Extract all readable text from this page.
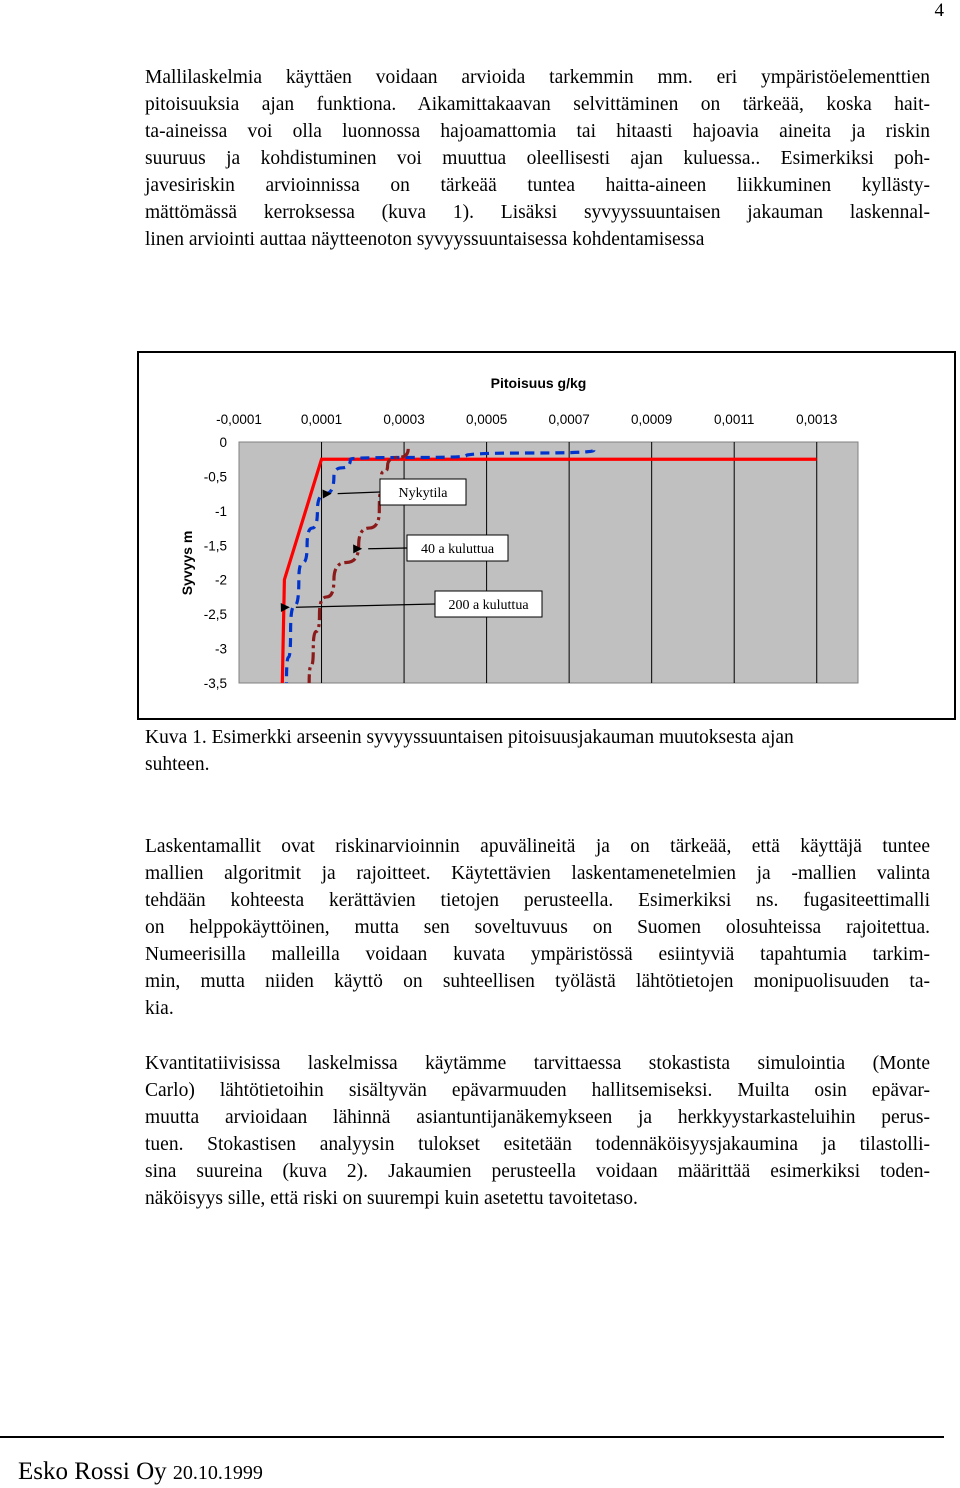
4

Mallilaskelmia käyttäen voidaan arvioida tarkemmin mm. eri ympäristöelementtien
pitoisuuksia ajan funktiona. Aikamittakaavan selvittäminen on tärkeää, koska hait-
ta-aineissa voi olla luonnossa hajoamattomia tai hitaasti hajoavia aineita ja riskin
suuruus ja kohdistuminen voi muuttua oleellisesti ajan kuluessa.. Esimerkiksi poh-
javesiriskin arvioinnissa on tärkeää tuntea haitta-aineen liikkuminen kyllästy-
mättömässä kerroksessa (kuva 1). Lisäksi syvyyssuuntaisen jakauman laskennal-
linen arviointi auttaa näytteenoton syvyyssuuntaisessa kohdentamisessa

Pitoisuus g/kg
-0,0001	0,0001	0,0003	0,0005	0,0007	0,0009	0,0011	0,0013
0
-0,5
-1
-1,5
-2
-2,5
-3
-3,5
Syvyys m
Nykytila
40 a kuluttua
200 a kuluttua

Kuva 1. Esimerkki arseenin syvyyssuuntaisen pitoisuusjakauman muutoksesta ajan
suhteen.

Laskentamallit ovat riskinarvioinnin apuvälineitä ja on tärkeää, että käyttäjä tuntee
mallien algoritmit ja rajoitteet. Käytettävien laskentamenetelmien ja -mallien valinta
tehdään kohteesta kerättävien tietojen perusteella. Esimerkiksi ns. fugasiteettimalli
on helppokäyttöinen, mutta sen soveltuvuus on Suomen olosuhteissa rajoitettua.
Numeerisilla malleilla voidaan kuvata ympäristössä esiintyviä tapahtumia tarkim-
min, mutta niiden käyttö on suhteellisen työlästä lähtötietojen monipuolisuuden ta-
kia.

Kvantitatiivisissa laskelmissa käytämme tarvittaessa stokastista simulointia (Monte
Carlo) lähtötietoihin sisältyvän epävarmuuden hallitsemiseksi. Muilta osin epävar-
muutta arvioidaan lähinnä asiantuntijanäkemykseen ja herkkyystarkasteluihin perus-
tuen. Stokastisen analyysin tulokset esitetään todennäköisyysjakaumina ja tilastolli-
sina suureina (kuva 2). Jakaumien perusteella voidaan määrittää esimerkiksi toden-
näköisyys sille, että riski on suurempi kuin asetettu tavoitetaso.

Esko Rossi Oy 20.10.1999
